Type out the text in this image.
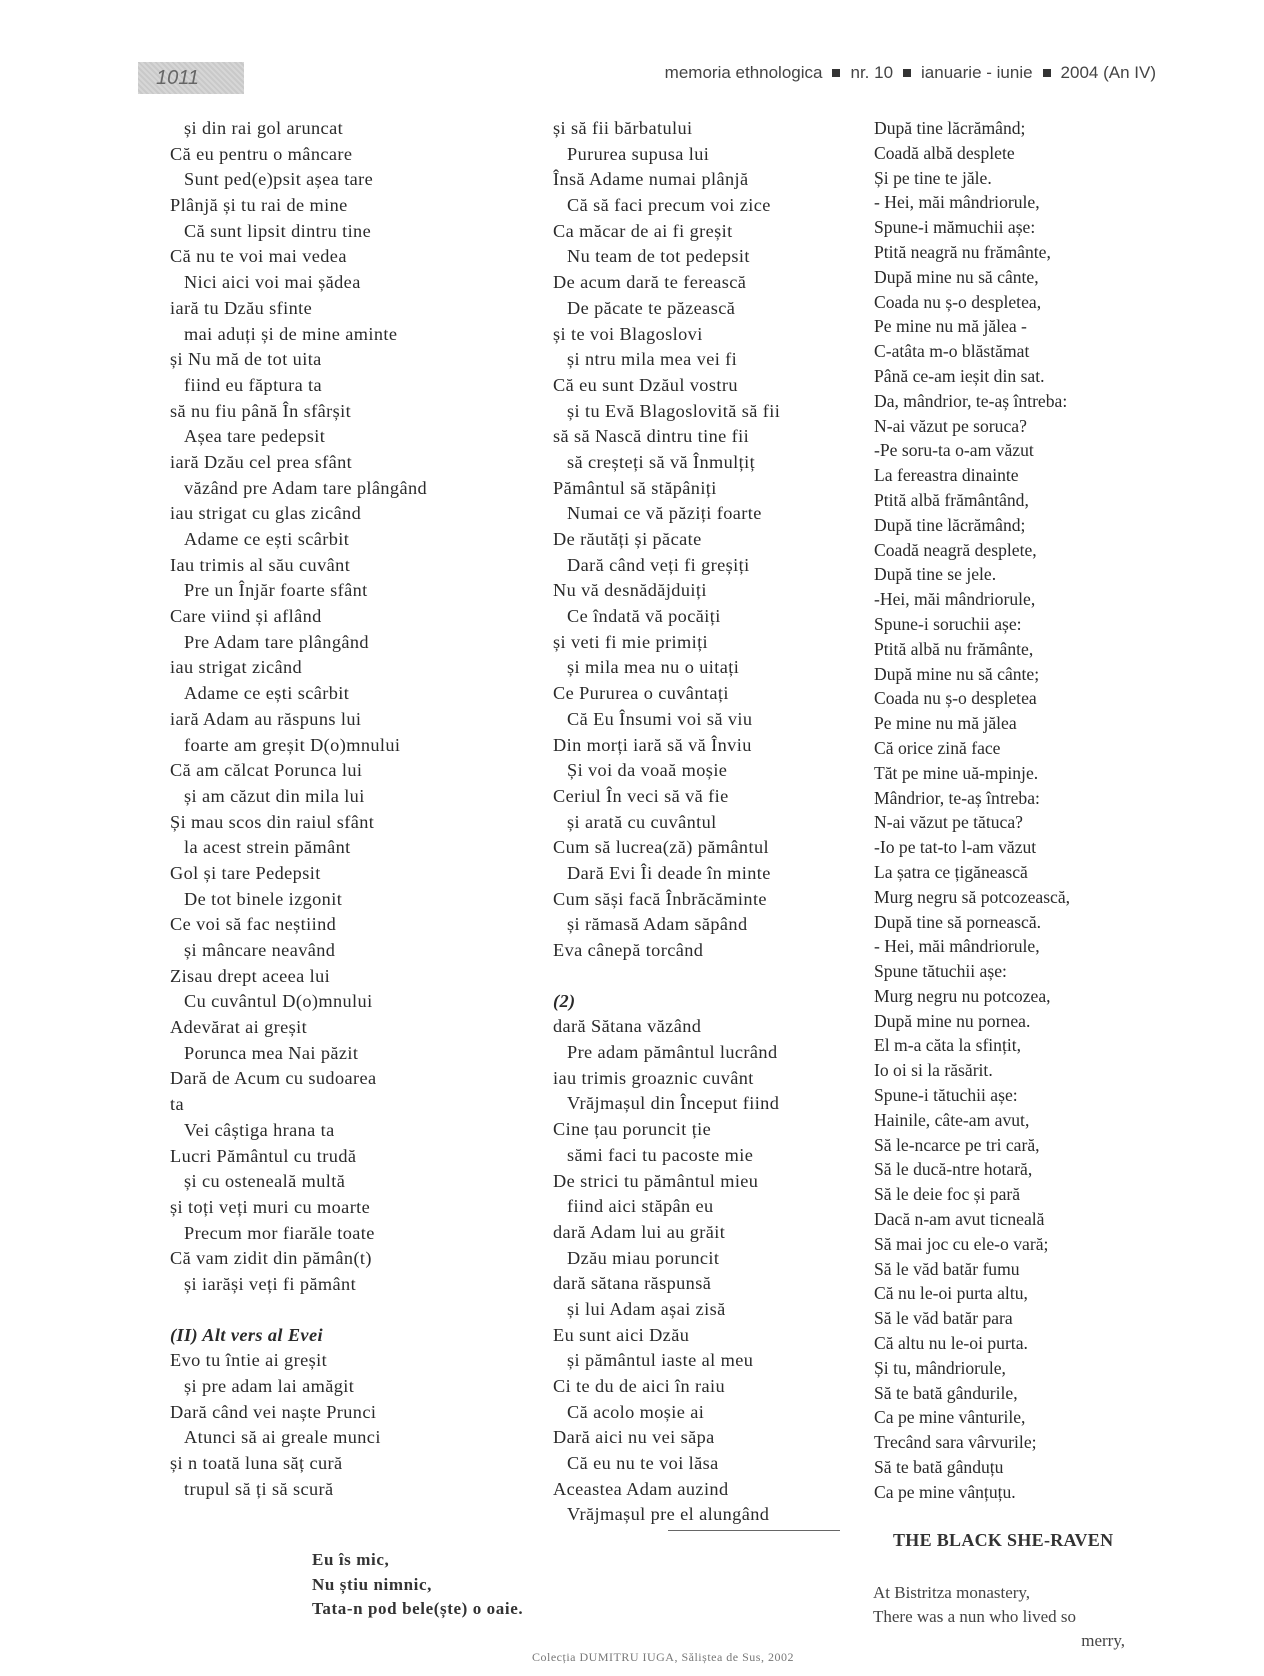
1011	memoria ethnologica nr. 10 ianuarie - iunie 2004 (An IV)
și din rai gol aruncat
Că eu pentru o mâncare
Sunt ped(e)psit așea tare
Plânjă și tu rai de mine
Că sunt lipsit dintru tine
Că nu te voi mai vedea
Nici aici voi mai șădea
iară tu Dzău sfinte
mai aduți și de mine aminte
și Nu mă de tot uita
fiind eu făptura ta
să nu fiu până În sfârșit
Așea tare pedepsit
iară Dzău cel prea sfânt
văzând pre Adam tare plângând
iau strigat cu glas zicând
Adame ce ești scârbit
Iau trimis al său cuvânt
Pre un Înjăr foarte sfânt
Care viind și aflând
Pre Adam tare plângând
iau strigat zicând
Adame ce ești scârbit
iară Adam au răspuns lui
foarte am greșit D(o)mnului
Că am călcat Porunca lui
și am căzut din mila lui
Și mau scos din raiul sfânt
la acest strein pământ
Gol și tare Pedepsit
De tot binele izgonit
Ce voi să fac neștiind
și mâncare neavând
Zisau drept aceea lui
Cu cuvântul D(o)mnului
Adevărat ai greșit
Porunca mea Nai păzit
Dară de Acum cu sudoarea
ta
Vei câștiga hrana ta
Lucri Pământul cu trudă
și cu osteneală multă
și toți veți muri cu moarte
Precum mor fiarăle toate
Că vam zidit din pămân(t)
și iarăși veți fi pământ
(II) Alt vers al Evei
Evo tu întie ai greșit
și pre adam lai amăgit
Dară când vei naște Prunci
Atunci să ai greale munci
și n toată luna săț cură
trupul să ți să scură
și să fii bărbatului
Pururea supusa lui
Însă Adame numai plânjă
Că să faci precum voi zice
Ca măcar de ai fi greșit
Nu team de tot pedepsit
De acum dară te ferească
De păcate te păzească
și te voi Blagoslovi
și ntru mila mea vei fi
Că eu sunt Dzăul vostru
și tu Evă Blagoslovită să fii
să să Nască dintru tine fii
să creșteți să vă Înmulțiț
Pământul să stăpâniți
Numai ce vă păziți foarte
De răutăți și păcate
Dară când veți fi greșiți
Nu vă desnădăjduiți
Ce îndată vă pocăiți
și veti fi mie primiți
și mila mea nu o uitați
Ce Pururea o cuvântați
Că Eu Însumi voi să viu
Din morți iară să vă Înviu
Și voi da voaă moșie
Ceriul În veci să vă fie
și arată cu cuvântul
Cum să lucrea(ză) pământul
Dară Evi Îi deade în minte
Cum săși facă Înbrăcăminte
și rămasă Adam săpând
Eva cânepă torcând
(2)
dară Sătana văzând
Pre adam pământul lucrând
iau trimis groaznic cuvânt
Vrăjmașul din Început fiind
Cine țau poruncit ție
sămi faci tu pacoste mie
De strici tu pământul mieu
fiind aici stăpân eu
dară Adam lui au grăit
Dzău miau poruncit
dară sătana răspunsă
și lui Adam așai zisă
Eu sunt aici Dzău
și pământul iaste al meu
Ci te du de aici în raiu
Că acolo moșie ai
Dară aici nu vei săpa
Că eu nu te voi lăsa
Aceastea Adam auzind
Vrăjmașul pre el alungând
După tine lăcrămând;
Coadă albă desplete
Și pe tine te jăle.
- Hei, măi mândriorule,
Spune-i mămuchii așe:
Ptită neagră nu frământe,
După mine nu să cânte,
Coada nu ș-o despletea,
Pe mine nu mă jălea -
C-atâta m-o blăstămat
Până ce-am ieșit din sat.
Da, mândrior, te-aș întreba:
N-ai văzut pe soruca?
-Pe soru-ta o-am văzut
La fereastra dinainte
Ptită albă frământând,
După tine lăcrămând;
Coadă neagră desplete,
După tine se jele.
-Hei, măi mândriorule,
Spune-i soruchii așe:
Ptită albă nu frământe,
După mine nu să cânte;
Coada nu ș-o despletea
Pe mine nu mă jălea
Că orice zină face
Tăt pe mine uă-mpinje.
Mândrior, te-aș întreba:
N-ai văzut pe tătuca?
-Io pe tat-to l-am văzut
La șatra ce țigănească
Murg negru să potcozească,
După tine să pornească.
- Hei, măi mândriorule,
Spune tătuchii așe:
Murg negru nu potcozea,
După mine nu pornea.
El m-a căta la sfințit,
Io oi si la răsărit.
Spune-i tătuchii așe:
Hainile, câte-am avut,
Să le-ncarce pe tri cară,
Să le ducă-ntre hotară,
Să le deie foc și pară
Dacă n-am avut ticneală
Să mai joc cu ele-o vară;
Să le văd batăr fumu
Că nu le-oi purta altu,
Să le văd batăr para
Că altu nu le-oi purta.
Și tu, mândriorule,
Să te bată gândurile,
Ca pe mine vânturile,
Trecând sara vârvurile;
Să te bată gânduțu
Ca pe mine vânțuțu.
Eu îs mic,
Nu știu nimnic,
Tata-n pod bele(ște) o oaie.
Colecția DUMITRU IUGA, Săliștea de Sus, 2002
THE BLACK SHE-RAVEN
At Bistritza monastery,
There was a nun who lived so
merry,
